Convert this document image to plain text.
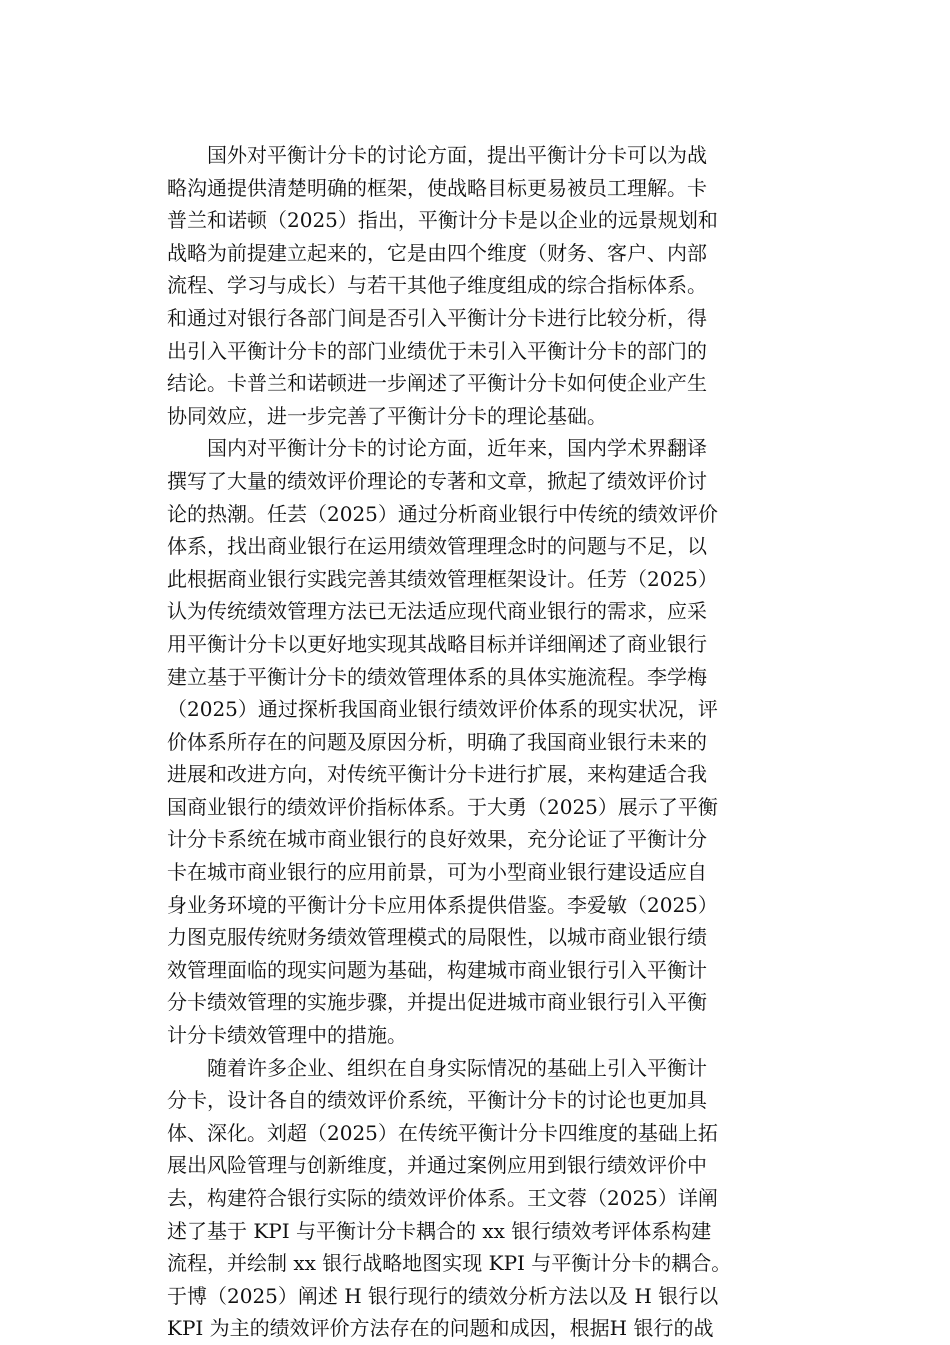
　　国外对平衡计分卡的讨论方面，提出平衡计分卡可以为战
略沟通提供清楚明确的框架，使战略目标更易被员工理解。卡
普兰和诺顿（2025）指出，平衡计分卡是以企业的远景规划和
战略为前提建立起来的，它是由四个维度（财务、客户、内部
流程、学习与成长）与若干其他子维度组成的综合指标体系。
和通过对银行各部门间是否引入平衡计分卡进行比较分析，得
出引入平衡计分卡的部门业绩优于未引入平衡计分卡的部门的
结论。卡普兰和诺顿进一步阐述了平衡计分卡如何使企业产生
协同效应，进一步完善了平衡计分卡的理论基础。
　　国内对平衡计分卡的讨论方面，近年来，国内学术界翻译
撰写了大量的绩效评价理论的专著和文章，掀起了绩效评价讨
论的热潮。任芸（2025）通过分析商业银行中传统的绩效评价
体系，找出商业银行在运用绩效管理理念时的问题与不足，以
此根据商业银行实践完善其绩效管理框架设计。任芳（2025）
认为传统绩效管理方法已无法适应现代商业银行的需求，应采
用平衡计分卡以更好地实现其战略目标并详细阐述了商业银行
建立基于平衡计分卡的绩效管理体系的具体实施流程。李学梅
（2025）通过探析我国商业银行绩效评价体系的现实状况，评
价体系所存在的问题及原因分析，明确了我国商业银行未来的
进展和改进方向，对传统平衡计分卡进行扩展，来构建适合我
国商业银行的绩效评价指标体系。于大勇（2025）展示了平衡
计分卡系统在城市商业银行的良好效果，充分论证了平衡计分
卡在城市商业银行的应用前景，可为小型商业银行建设适应自
身业务环境的平衡计分卡应用体系提供借鉴。李爱敏（2025）
力图克服传统财务绩效管理模式的局限性，以城市商业银行绩
效管理面临的现实问题为基础，构建城市商业银行引入平衡计
分卡绩效管理的实施步骤，并提出促进城市商业银行引入平衡
计分卡绩效管理中的措施。
　　随着许多企业、组织在自身实际情况的基础上引入平衡计
分卡，设计各自的绩效评价系统，平衡计分卡的讨论也更加具
体、深化。刘超（2025）在传统平衡计分卡四维度的基础上拓
展出风险管理与创新维度，并通过案例应用到银行绩效评价中
去，构建符合银行实际的绩效评价体系。王文蓉（2025）详阐
述了基于 KPI 与平衡计分卡耦合的 xx 银行绩效考评体系构建
流程，并绘制 xx 银行战略地图实现 KPI 与平衡计分卡的耦合。
于博（2025）阐述 H 银行现行的绩效分析方法以及 H 银行以
KPI 为主的绩效评价方法存在的问题和成因，根据H 银行的战
